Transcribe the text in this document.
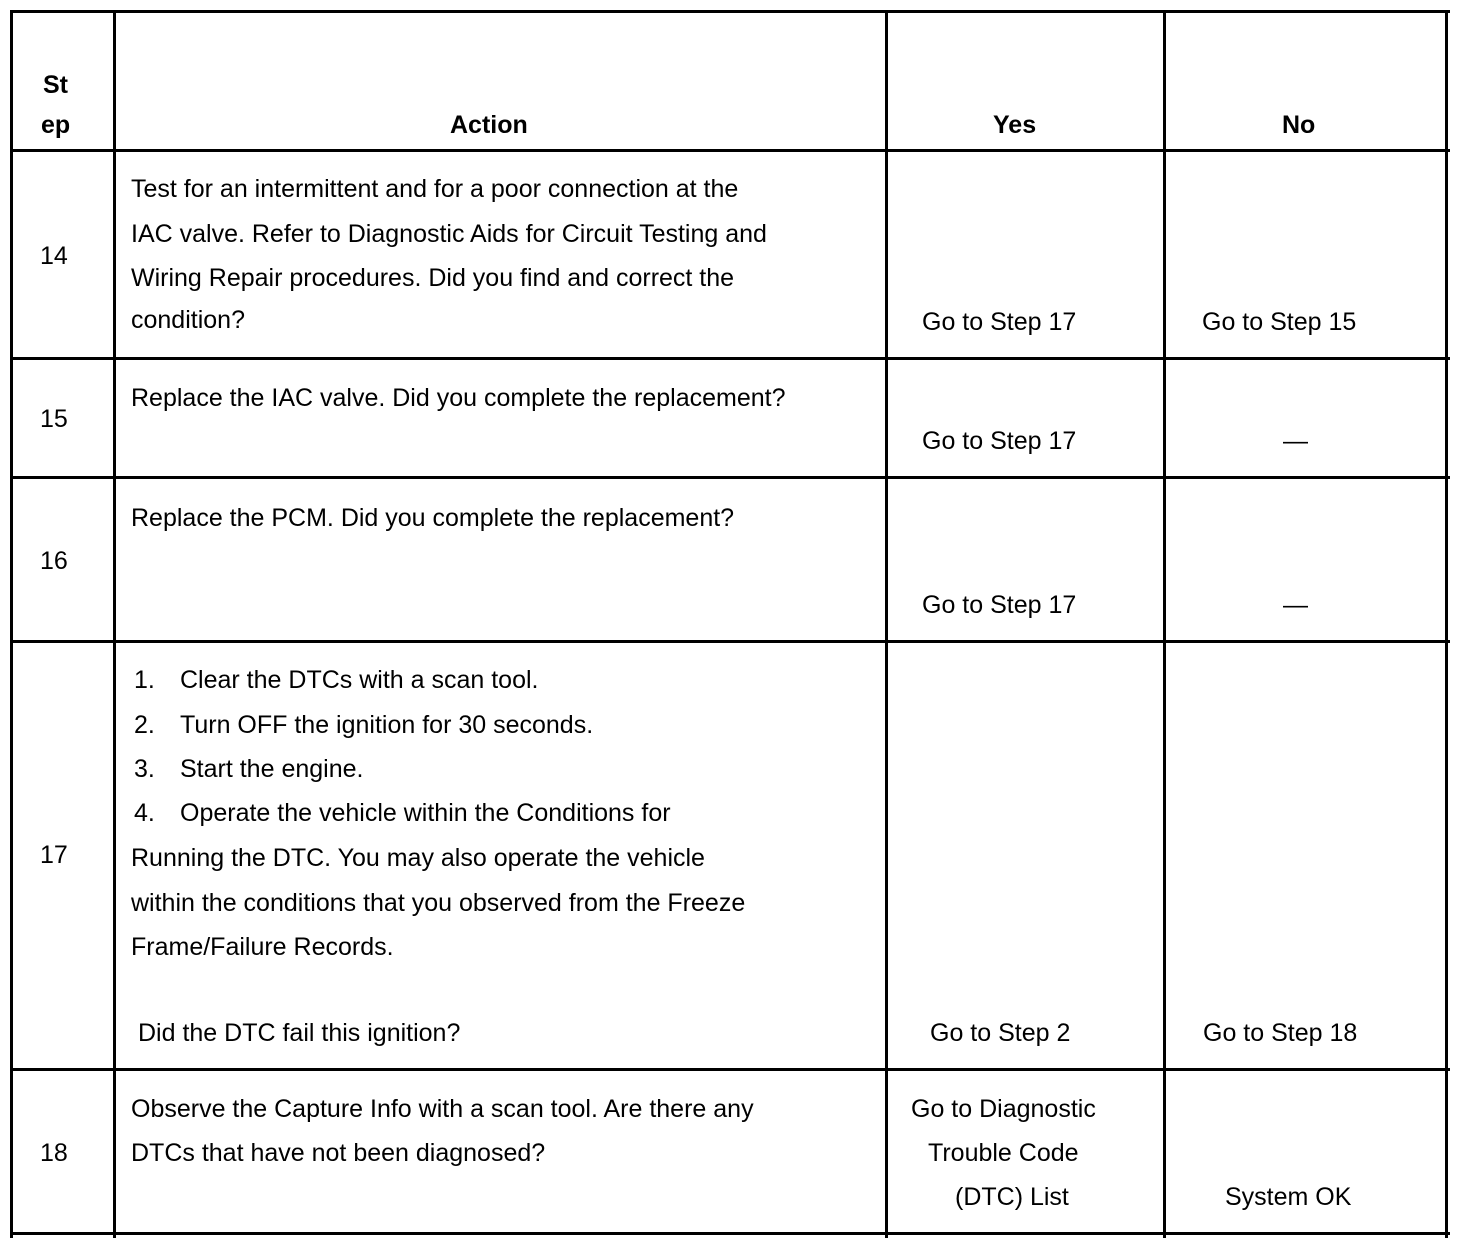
St
ep	Action	Yes	No
14
Test for an intermittent and for a poor connection at the
IAC valve. Refer to Diagnostic Aids for Circuit Testing and
Wiring Repair procedures. Did you find and correct the
condition?	Go to Step 17	Go to Step 15
15
Replace the IAC valve. Did you complete the replacement?
Go to Step 17	—
16
Replace the PCM. Did you complete the replacement?
Go to Step 17	—
17
1. Clear the DTCs with a scan tool.
2. Turn OFF the ignition for 30 seconds.
3. Start the engine.
4. Operate the vehicle within the Conditions for
Running the DTC. You may also operate the vehicle
within the conditions that you observed from the Freeze
Frame/Failure Records.
Did the DTC fail this ignition?	Go to Step 2	Go to Step 18
18
Observe the Capture Info with a scan tool. Are there any
DTCs that have not been diagnosed?
Go to Diagnostic
Trouble Code
(DTC) List	System OK
